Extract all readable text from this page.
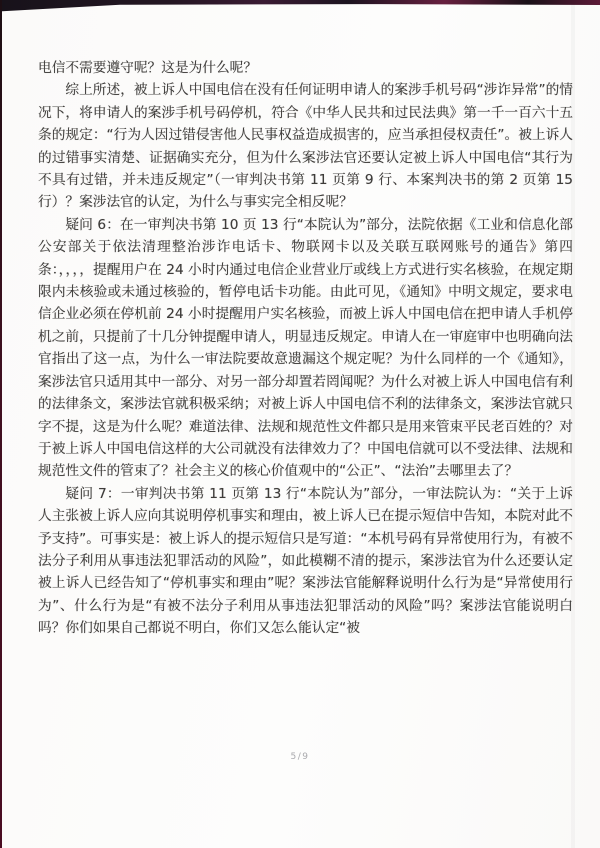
电信不需要遵守呢？这是为什么呢？

综上所述，被上诉人中国电信在没有任何证明申请人的案涉手机号码“涉诈异常”的情况下，将申请人的案涉手机号码停机，符合《中华人民共和过民法典》第一千一百六十五条的规定：“行为人因过错侵害他人民事权益造成损害的，应当承担侵权责任”。被上诉人的过错事实清楚、证据确实充分，但为什么案涉法官还要认定被上诉人中国电信“其行为不具有过错，并未违反规定”（一审判决书第 11 页第 9 行、本案判决书的第 2 页第 15 行）？案涉法官的认定，为什么与事实完全相反呢？

疑问 6：在一审判决书第 10 页 13 行“本院认为”部分，法院依据《工业和信息化部 公安部关于依法清理整治涉诈电话卡、物联网卡以及关联互联网账号的通告》第四条：，，，，提醒用户在 24 小时内通过电信企业营业厅或线上方式进行实名核验，在规定期限内未核验或未通过核验的，暂停电话卡功能。由此可见，《通知》中明文规定，要求电信企业必须在停机前 24 小时提醒用户实名核验，而被上诉人中国电信在把申请人手机停机之前，只提前了十几分钟提醒申请人，明显违反规定。申请人在一审庭审中也明确向法官指出了这一点，为什么一审法院要故意遗漏这个规定呢？为什么同样的一个《通知》，案涉法官只适用其中一部分、对另一部分却置若罔闻呢？为什么对被上诉人中国电信有利的法律条文，案涉法官就积极采纳；对被上诉人中国电信不利的法律条文，案涉法官就只字不提，这是为什么呢？难道法律、法规和规范性文件都只是用来管束平民老百姓的？对于被上诉人中国电信这样的大公司就没有法律效力了？中国电信就可以不受法律、法规和规范性文件的管束了？社会主义的核心价值观中的“公正”、“法治”去哪里去了？

疑问 7：一审判决书第 11 页第 13 行“本院认为”部分，一审法院认为：“关于上诉人主张被上诉人应向其说明停机事实和理由，被上诉人已在提示短信中告知，本院对此不予支持”。可事实是：被上诉人的提示短信只是写道：“本机号码有异常使用行为，有被不法分子利用从事违法犯罪活动的风险”，如此模糊不清的提示，案涉法官为什么还要认定被上诉人已经告知了“停机事实和理由”呢？案涉法官能解释说明什么行为是“异常使用行为”、什么行为是“有被不法分子利用从事违法犯罪活动的风险”吗？案涉法官能说明白吗？你们如果自己都说不明白，你们又怎么能认定“被

5/9
